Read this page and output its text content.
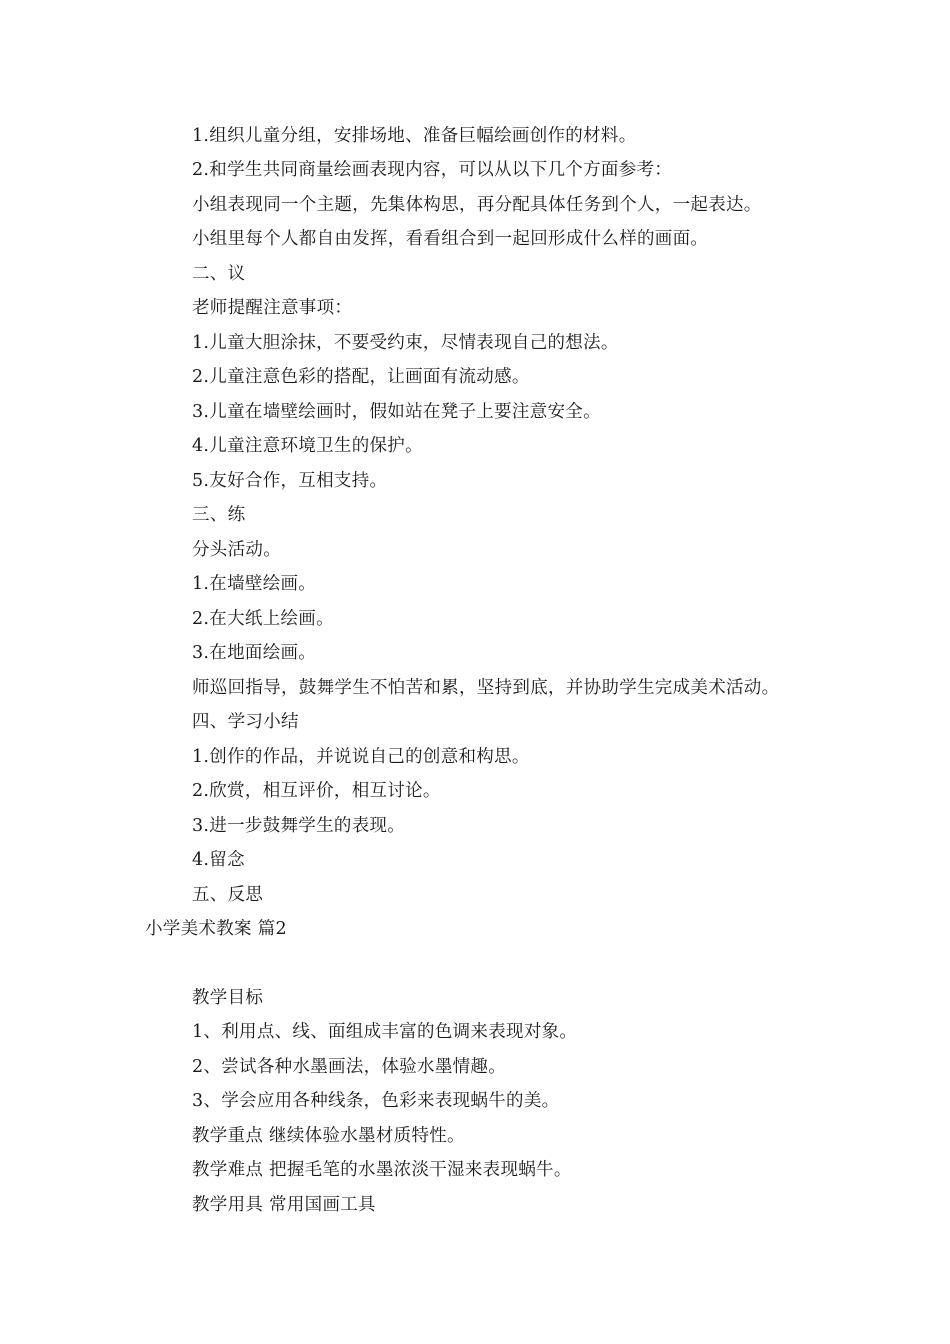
1.组织儿童分组，安排场地、准备巨幅绘画创作的材料。
2.和学生共同商量绘画表现内容，可以从以下几个方面参考：
小组表现同一个主题，先集体构思，再分配具体任务到个人，一起表达。
小组里每个人都自由发挥，看看组合到一起回形成什么样的画面。
二、议
老师提醒注意事项：
1.儿童大胆涂抹，不要受约束，尽情表现自己的想法。
2.儿童注意色彩的搭配，让画面有流动感。
3.儿童在墙壁绘画时，假如站在凳子上要注意安全。
4.儿童注意环境卫生的保护。
5.友好合作，互相支持。
三、练
分头活动。
1.在墙壁绘画。
2.在大纸上绘画。
3.在地面绘画。
师巡回指导，鼓舞学生不怕苦和累，坚持到底，并协助学生完成美术活动。
四、学习小结
1.创作的作品，并说说自己的创意和构思。
2.欣赏，相互评价，相互讨论。
3.进一步鼓舞学生的表现。
4.留念
五、反思
小学美术教案 篇2
教学目标
1、利用点、线、面组成丰富的色调来表现对象。
2、尝试各种水墨画法，体验水墨情趣。
3、学会应用各种线条，色彩来表现蜗牛的美。
教学重点 继续体验水墨材质特性。
教学难点 把握毛笔的水墨浓淡干湿来表现蜗牛。
教学用具 常用国画工具
